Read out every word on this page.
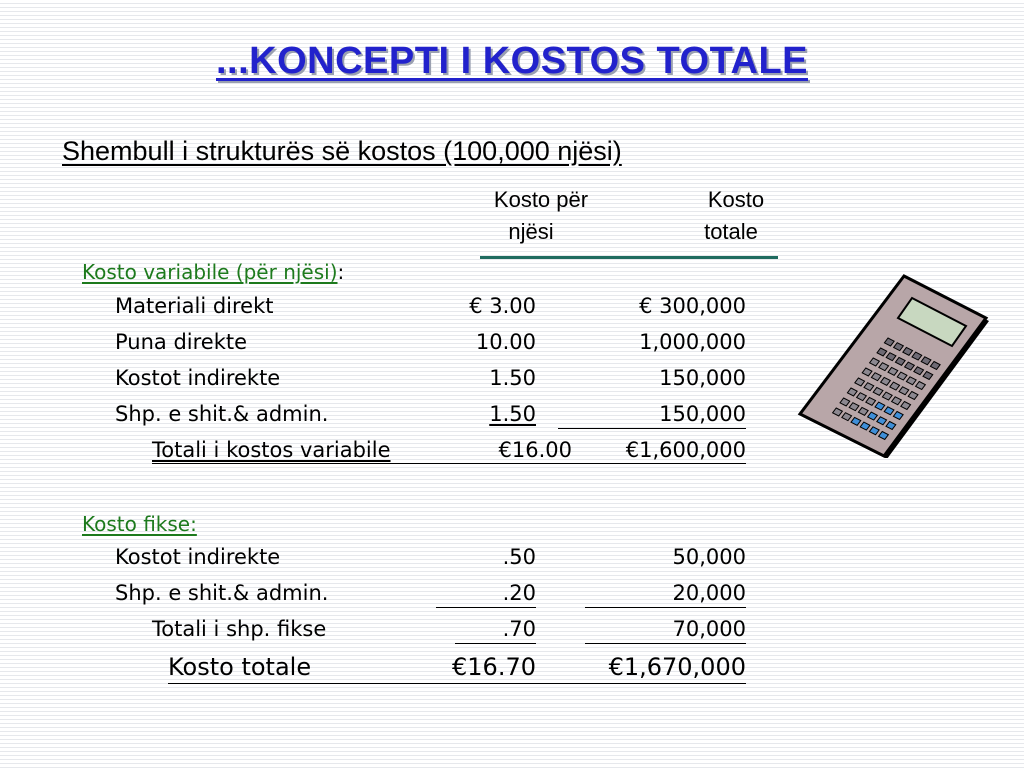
...KONCEPTI I KOSTOS TOTALE
Shembull i strukturës së kostos (100,000 njësi)
Kosto për
njësi
Kosto
totale
Kosto variabile (për njësi):
Materiali direkt	€ 3.00	€ 300,000
Puna direkte	10.00	1,000,000
Kostot indirekte	1.50	150,000
Shp. e shit.& admin.	1.50	150,000
Totali i kostos variabile	€16.00	€1,600,000
Kosto fikse:
Kostot indirekte	.50	50,000
Shp. e shit.& admin.	.20	20,000
Totali i shp. fikse	.70	70,000
Kosto totale	€16.70	€1,670,000
